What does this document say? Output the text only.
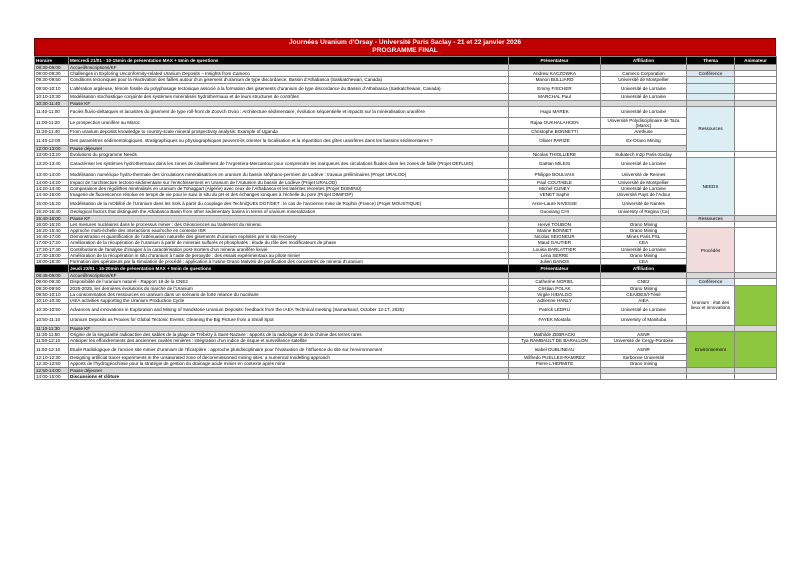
Journées Uranium d'Orsay - Université Paris Saclay - 21 et 22 janvier 2026
PROGRAMME FINAL
Horaire	Mercredi 21/01 - 10-15min de présentation MAX + 5min de questions	Présentateur	Affiliation	Thema	Animateur	
08:30-09:00	Accueil/Inscriptions/KF					
09:00-09:30	Challenges in Exploring Unconformity-related Uranium Deposits – Insights from Cameco	Andrew KACZOWKA	Cameco Corporation	Conférence		
09:30-09:50	Conditions tectoniques pour la réactivation des failles autour d’un gisement d’uranium de type discordance, Bassin d’Athabasca (Saskatchewan, Canada)	Manon BULLIARD	Université de Montpellier			
09:50-10:10	L’altération argileuse, témoin fossile du polyphasage tectonique associé à la formation des gisements d’uranium de type discordance du Bassin d’Athabasca (Saskatchewan, Canada).	Emmy FISCHER	Université de Lorraine			
10:10-10:30	Modélisation stochastique conjointe des systèmes minéralisés hydrothermaux et de leurs structures de contrôles	MARCHAL Paul	Université de Lorraine			
10:30-11:40	Pause KF					
11:40-11:00	Faciès fluvio-deltaïques et lacustres du gisement de type roll-front de Zoovch Ovoo : Architecture sédimentaire, évolution séquentielle et impacts sur la minéralisation uranifère	Hugo MAREK	Université de Lorraine	Ressources		
11:00-11:20	Le prospection uranifère au Maroc	Rajaa OUKHALAHCEN	Université Polydisciplinaire de Taza (Maroc)			
11:20-11:40	From uranium deposits knowledge to country-scale mineral prospectivity analysis: Example of Uganda	Christophe BONNETTI	Arethuse			
11:40-12:00	Des paramètres sédimentologiques, stratigraphiques ou physiographiques peuvent-ils orienter la localisation et la répartition des gîtes uranifères dans les bassins sédimentaires ?	Olivier PARIZE	Ex-Orano Mining			
12:00-13:00	Pause déjeuner					
13:00-13:20	Évolutions du programme Needs	Nicolas THIOLLIERE	Subatech In2p Paris-Saclay			
13:20-13:40	Caractériser les systèmes hydrothermaux dans les zones de cisaillement de l’Argentera-Mercantour pour comprendre les marqueurs des circulations fluides dans les zones de faille (Projet DEFLUID)	Gaëtan MILESI	Université de Lorraine	NEEDS		
13:40-14:00	Modélisation numérique hydro-thermale des circulations minéralisatrices en uranium du bassin stéphano-permien de Lodève : travaux préliminaires (Projet URALOD)	Philippe BOULVAIS	Université de Rennes			
14:00-14:20	Impact de l’architecture tectono-sédimentaire sur l’enrichissement en Uranium de l’Autunien du bassin de Lodève (Projet URALOD)	Paul COUTABLE	Université de Montpellier			
14:20-14:40	Comparaison des régolithes minéralisés en uranium de Tohaggart (Algérie) avec ceux de l’Athabasca et les latérites récentes (Projet DISMINU)	Michel CUNEY	Université de Lorraine			
14:40-15:00	Imagerie de fluorescence résolue en temps de vie pour le suivi in situ du pH et des échanges ioniques à l’échelle du pore (Projet DIMIFOP)	VENET Saphir	Université Pays de l’Adour			
15:00-15:20	Modélisation de la mObilité de l’Uranium dans les Sols à partir du couplage des TechniQUEs DGT/DET : le cas de l’ancienne mine de Rophin (France) (Projet MOUSTIQUE)	Anne-Laure NIVESSE	Université de Nantes			
15:20-15:40	Geological factors that distinguish the Athabasca Basin from other sedimentary basins in terms of uranium mineralization	Guoxiang CHI	University of Regina (Ca)			
15:40-16:00	Pause KF			Ressources		
16:00-16:20	Les mesures nucléaires dans le processus minier : des Géosciences au traitement du minerai.	Hervé TOUBON	Orano Mining			
16:20-16:40	Approche multi-échelle des interactions eau/roche en contexte ISR	Marine BONNET	Orano Mining	Procédés		
16:40-17:00	Démonstration et quantification de l’atténuation naturelle des gisements d’uranium exploités par in situ recovery	Nicolas SEIGNEUR	Mines Paris PSL			
17:00-17:20	Amélioration de la récupération de l’uranium à partir de minerais sulfurés et phosphatés : étude du rôle des modificateurs de phase	Maud GAUTIER	CEA			
17:20-17:40	Contributions de l’analyse d’images à la caractérisation post-mortem d’un minerai uranifère lixivié	Louisa BARLATTIER	Université de Lorraine			
17:40-18:00	Amélioration de la récupération in situ d’uranium à l’aide de peroxyde : des essais expérimentaux au pilote minier	Lena SERRE	Orano Mining			
18:00-18:30	Formation des opérateurs par la simulation de procédé : application à l’usine Orano Malvési de purification des concentrés de minerai d’uranium	Julien BANOS	CEA			
	Jeudi 22/01 - 15-20min de présentation MAX + 5min de questions	Présentateur	Affiliation		
08:45-09:00	Accueil/Inscriptions/KF					
09:00-09:30	Disponibilité de l’uranium naturel - Rapport 19 de la CNE2	Catherine NORIEL	CNE2	Conférence		
09:30-09:50	2025-2025, les dernières évolutions du marché de l’Uranium	Cristian POLAK	Orano Mining	Uranium : état des lieux et innovations		
09:50-10:10	La consommation des ressources en uranium dans un scénario de forte relance du nucléaire	Virgile HIDALGO	CEA/DES/I-Tésé			
10:10-10:30	IAEA activities supporting the Uranium Production Cycle	Adrienne HANLY	AIEA			
10:30-10:50	Advances and innovations in Exploration and Mining of Sandstone Uranium Deposits: feedback from the IAEA Technical meeting (Samarkand, October 13-17, 2025)	Patrick LEDRU	Université de Lorraine			
10:50-11:10	Uranium Deposits as Proxies for Global Tectonic Events: Gleaning the Big Picture from a Small Spot	FAYEK Mostafa	University of Manitoba			
11:10-11:30	Pause KF					
11:30-11:50	Origine de la singularité radioactive des sables de la plage de Trébézy à Saint-Nazaire : apports de la radiologie et de la chimie des terres rares	Mathilde ZEBRACKI	ASNR	Environnement		
11:50-12:10	Anticiper les effondrements des anciennes cavités minières : intégration d’un indice de risque et surveillance satellite	Tya RAMBAULT DE BARALLON	Université de Cergy-Pontoise			
11:50-12:10	Etude Radiologique de l’ancien site minier d’uranium de l’Écarpière : approche pluridisciplinaire pour l’évaluation de l’influence du site sur l’environnement	Isabel DUBLINEAU	ASNR			
12:10-12:30	Designing artificial tracer experiments in the unsaturated zone of decommissioned mining sites: a numerical modelling approach	Wilfredo PUELLES-RAMIREZ	Sorbonne Université			
12:30-12:50	Apports de l’hydrogéochimie pour la stratégie de gestion du drainage acide minier en contexte après mine	Pierre L’HERMITE	Orano mining			
12:50-14:00	Pause déjeuner					
14:00-15:00	Discussions et clôture					
